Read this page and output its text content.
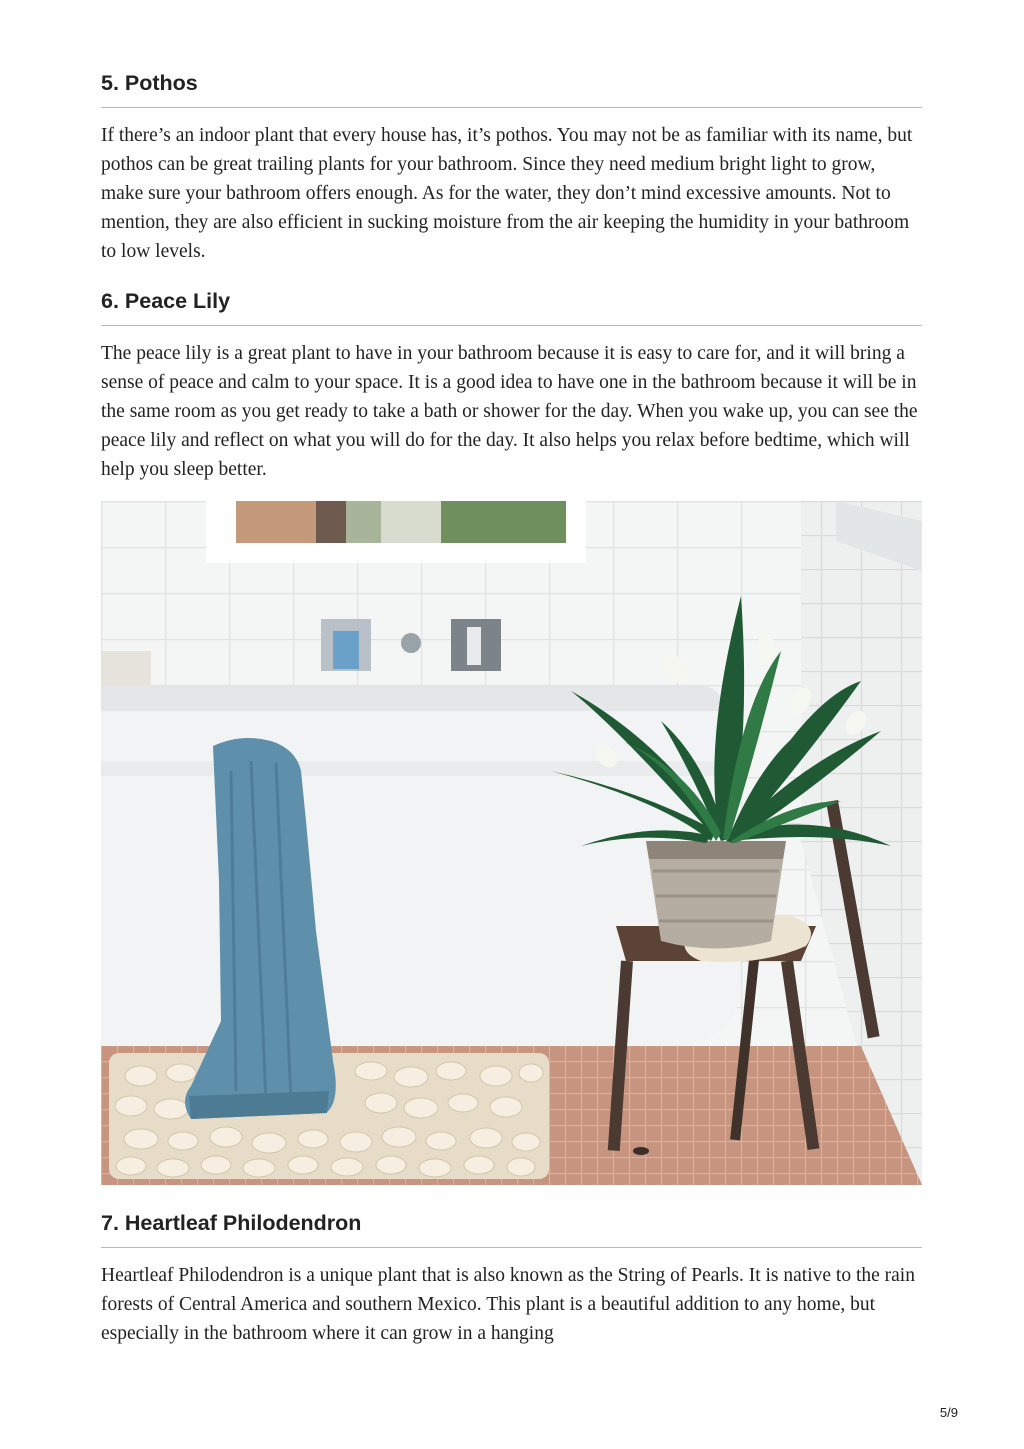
5. Pothos

If there’s an indoor plant that every house has, it’s pothos. You may not be as familiar with its name, but pothos can be great trailing plants for your bathroom. Since they need medium bright light to grow, make sure your bathroom offers enough. As for the water, they don’t mind excessive amounts. Not to mention, they are also efficient in sucking moisture from the air keeping the humidity in your bathroom to low levels.

6. Peace Lily

The peace lily is a great plant to have in your bathroom because it is easy to care for, and it will bring a sense of peace and calm to your space. It is a good idea to have one in the bathroom because it will be in the same room as you get ready to take a bath or shower for the day. When you wake up, you can see the peace lily and reflect on what you will do for the day. It also helps you relax before bedtime, which will help you sleep better.

7. Heartleaf Philodendron

Heartleaf Philodendron is a unique plant that is also known as the String of Pearls. It is native to the rain forests of Central America and southern Mexico. This plant is a beautiful addition to any home, but especially in the bathroom where it can grow in a hanging

5/9
